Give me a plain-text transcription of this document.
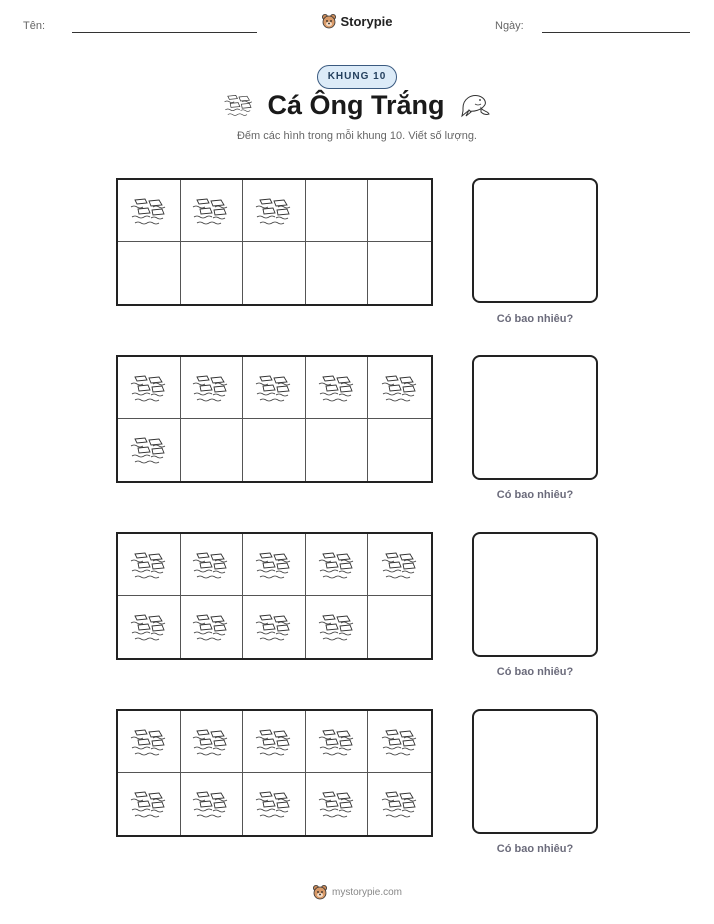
Tên:	Ngày:
Storypie
KHUNG 10
Cá Ông Trắng
Đếm các hình trong mỗi khung 10. Viết số lượng.
Có bao nhiêu?
Có bao nhiêu?
Có bao nhiêu?
Có bao nhiêu?
mystorypie.com
